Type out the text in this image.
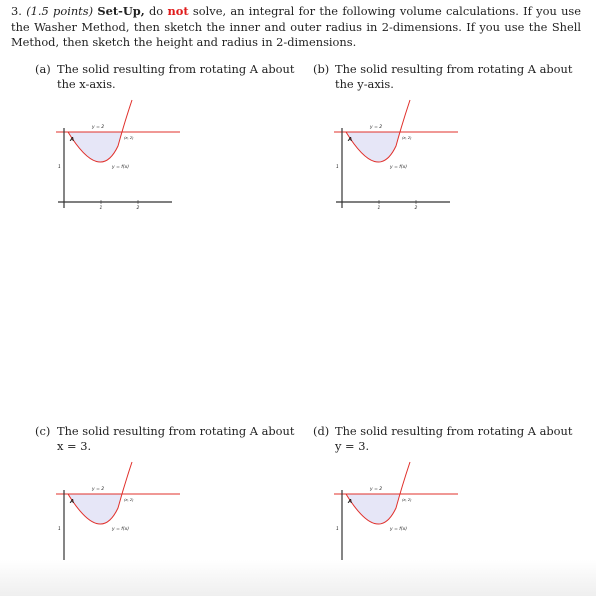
3. (1.5 points) Set-Up, do not solve, an integral for the following volume calculations. If you use the Washer Method, then sketch the inner and outer radius in 2-dimensions. If you use the Shell Method, then sketch the height and radius in 2-dimensions.
(a) The solid resulting from rotating A about
the x-axis.
(b) The solid resulting from rotating A about
the y-axis.
(c) The solid resulting from rotating A about
x = 3.
(d) The solid resulting from rotating A about
y = 3.
y = 2
A	(a, 2)
y = f(x)
1
1	2
y = 2
A	(a, 2)
y = f(x)
1
1	2
y = 2
A	(a, 2)
y = f(x)
1
y = 2
A	(a, 2)
y = f(x)
1
